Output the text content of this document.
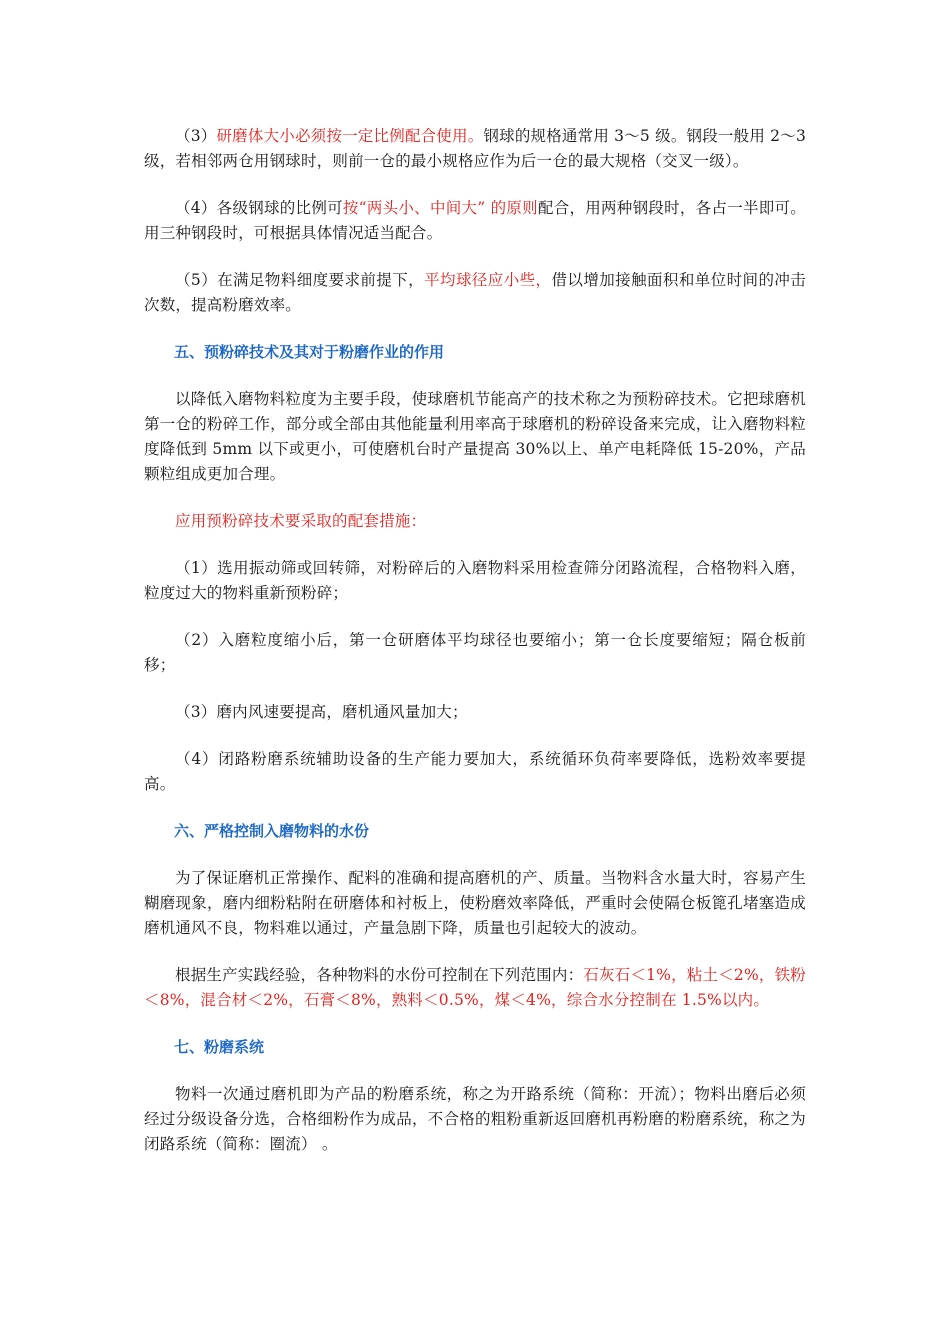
（3）研磨体大小必须按一定比例配合使用。钢球的规格通常用 3～5 级。钢段一般用 2～3 级，若相邻两仓用钢球时，则前一仓的最小规格应作为后一仓的最大规格（交叉一级）。

（4）各级钢球的比例可按“两头小、中间大” 的原则配合，用两种钢段时，各占一半即可。用三种钢段时，可根据具体情况适当配合。

（5）在满足物料细度要求前提下，平均球径应小些，借以增加接触面积和单位时间的冲击次数，提高粉磨效率。

五、预粉碎技术及其对于粉磨作业的作用

以降低入磨物料粒度为主要手段，使球磨机节能高产的技术称之为预粉碎技术。它把球磨机第一仓的粉碎工作，部分或全部由其他能量利用率高于球磨机的粉碎设备来完成，让入磨物料粒度降低到 5mm 以下或更小，可使磨机台时产量提高 30%以上、单产电耗降低 15-20%，产品颗粒组成更加合理。

应用预粉碎技术要采取的配套措施：

（1）选用振动筛或回转筛，对粉碎后的入磨物料采用检查筛分闭路流程，合格物料入磨，粒度过大的物料重新预粉碎；

（2）入磨粒度缩小后，第一仓研磨体平均球径也要缩小；第一仓长度要缩短；隔仓板前移；

（3）磨内风速要提高，磨机通风量加大；

（4）闭路粉磨系统辅助设备的生产能力要加大，系统循环负荷率要降低，选粉效率要提高。

六、严格控制入磨物料的水份

为了保证磨机正常操作、配料的准确和提高磨机的产、质量。当物料含水量大时，容易产生糊磨现象，磨内细粉粘附在研磨体和衬板上，使粉磨效率降低，严重时会使隔仓板篦孔堵塞造成磨机通风不良，物料难以通过，产量急剧下降，质量也引起较大的波动。

根据生产实践经验，各种物料的水份可控制在下列范围内：石灰石＜1%，粘土＜2%，铁粉＜8%，混合材＜2%，石膏＜8%，熟料＜0.5%，煤＜4%，综合水分控制在 1.5%以内。

七、粉磨系统

物料一次通过磨机即为产品的粉磨系统，称之为开路系统（简称：开流）；物料出磨后必须经过分级设备分选，合格细粉作为成品，不合格的粗粉重新返回磨机再粉磨的粉磨系统，称之为闭路系统（简称：圈流） 。
